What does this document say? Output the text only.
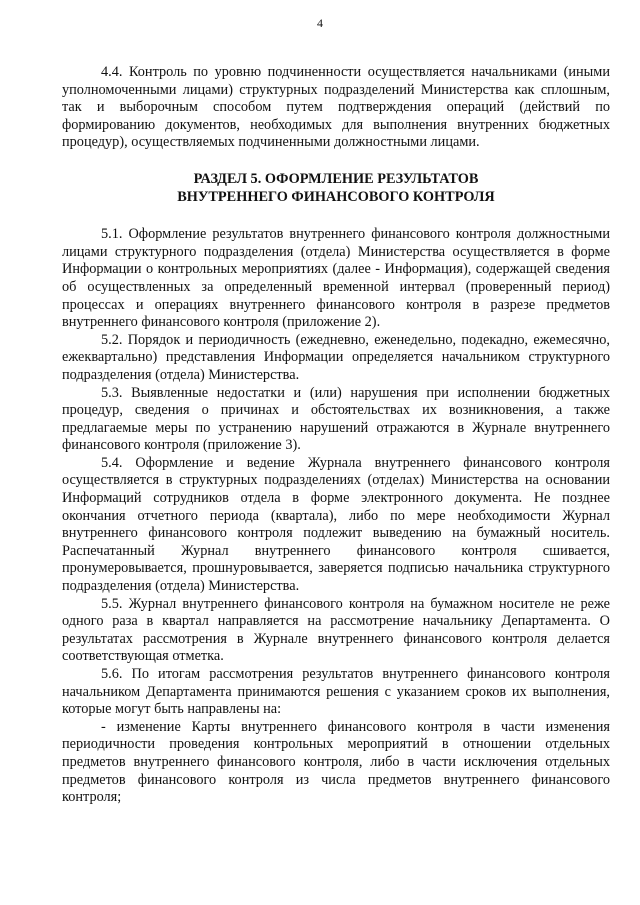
4

4.4. Контроль по уровню подчиненности осуществляется начальниками (иными уполномоченными лицами) структурных подразделений Министерства как сплошным, так и выборочным способом путем подтверждения операций (действий по формированию документов, необходимых для выполнения внутренних бюджетных процедур), осуществляемых подчиненными должностными лицами.

РАЗДЕЛ 5. ОФОРМЛЕНИЕ РЕЗУЛЬТАТОВ
ВНУТРЕННЕГО ФИНАНСОВОГО КОНТРОЛЯ

5.1. Оформление результатов внутреннего финансового контроля должностными лицами структурного подразделения (отдела) Министерства осуществляется в форме Информации о контрольных мероприятиях (далее - Информация), содержащей сведения об осуществленных за определенный временной интервал (проверенный период) процессах и операциях внутреннего финансового контроля в разрезе предметов внутреннего финансового контроля (приложение 2).

5.2. Порядок и периодичность (ежедневно, еженедельно, подекадно, ежемесячно, ежеквартально) представления Информации определяется начальником структурного подразделения (отдела) Министерства.

5.3. Выявленные недостатки и (или) нарушения при исполнении бюджетных процедур, сведения о причинах и обстоятельствах их возникновения, а также предлагаемые меры по устранению нарушений отражаются в Журнале внутреннего финансового контроля (приложение 3).

5.4. Оформление и ведение Журнала внутреннего финансового контроля осуществляется в структурных подразделениях (отделах) Министерства на основании Информаций сотрудников отдела в форме электронного документа. Не позднее окончания отчетного периода (квартала), либо по мере необходимости Журнал внутреннего финансового контроля подлежит выведению на бумажный носитель. Распечатанный Журнал внутреннего финансового контроля сшивается, пронумеровывается, прошнуровывается, заверяется подписью начальника структурного подразделения (отдела) Министерства.

5.5. Журнал внутреннего финансового контроля на бумажном носителе не реже одного раза в квартал направляется на рассмотрение начальнику Департамента. О результатах рассмотрения в Журнале внутреннего финансового контроля делается соответствующая отметка.

5.6. По итогам рассмотрения результатов внутреннего финансового контроля начальником Департамента принимаются решения с указанием сроков их выполнения, которые могут быть направлены на:

- изменение Карты внутреннего финансового контроля в части изменения периодичности проведения контрольных мероприятий в отношении отдельных предметов внутреннего финансового контроля, либо в части исключения отдельных предметов финансового контроля из числа предметов внутреннего финансового контроля;
